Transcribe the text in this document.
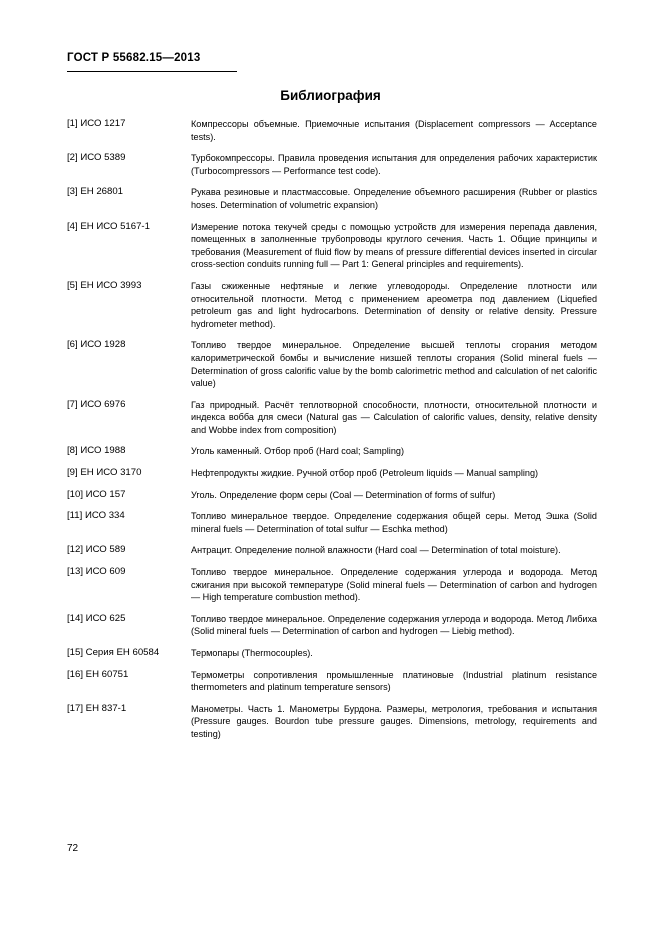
ГОСТ Р 55682.15—2013
Библиография
[1] ИСО 1217	Компрессоры объемные. Приемочные испытания (Displacement compressors — Acceptance tests).
[2] ИСО 5389	Турбокомпрессоры. Правила проведения испытания для определения рабочих характеристик (Turbocompressors — Performance test code).
[3] ЕН 26801	Рукава резиновые и пластмассовые. Определение объемного расширения (Rubber or plastics hoses. Determination of volumetric expansion)
[4] ЕН ИСО 5167-1	Измерение потока текучей среды с помощью устройств для измерения перепада давления, помещенных в заполненные трубопроводы круглого сечения. Часть 1. Общие принципы и требования (Measurement of fluid flow by means of pressure differential devices inserted in circular cross-section conduits running full — Part 1: General principles and requirements).
[5] ЕН ИСО 3993	Газы сжиженные нефтяные и легкие углеводороды. Определение плотности или относительной плотности. Метод с применением ареометра под давлением (Liquefied petroleum gas and light hydrocarbons. Determination of density or relative density. Pressure hydrometer method).
[6] ИСО 1928	Топливо твердое минеральное. Определение высшей теплоты сгорания методом калориметрической бомбы и вычисление низшей теплоты сгорания (Solid mineral fuels — Determination of gross calorific value by the bomb calorimetric method and calculation of net calorific value)
[7] ИСО 6976	Газ природный. Расчёт теплотворной способности, плотности, относительной плотности и индекса вобба для смеси (Natural gas — Calculation of calorific values, density, relative density and Wobbe index from composition)
[8] ИСО 1988	Уголь каменный. Отбор проб (Hard coal; Sampling)
[9] ЕН ИСО 3170	Нефтепродукты жидкие. Ручной отбор проб (Petroleum liquids — Manual sampling)
[10] ИСО 157	Уголь. Определение форм серы (Coal — Determination of forms of sulfur)
[11] ИСО 334	Топливо минеральное твердое. Определение содержания общей серы. Метод Эшка (Solid mineral fuels — Determination of total sulfur — Eschka method)
[12] ИСО 589	Антрацит. Определение полной влажности (Hard coal — Determination of total moisture).
[13] ИСО 609	Топливо твердое минеральное. Определение содержания углерода и водорода. Метод сжигания при высокой температуре (Solid mineral fuels — Determination of carbon and hydrogen — High temperature combustion method).
[14] ИСО 625	Топливо твердое минеральное. Определение содержания углерода и водорода. Метод Либиха (Solid mineral fuels — Determination of carbon and hydrogen — Liebig method).
[15] Серия ЕН 60584	Термопары (Thermocouples).
[16] ЕН 60751	Термометры сопротивления промышленные платиновые (Industrial platinum resistance thermometers and platinum temperature sensors)
[17] ЕН 837-1	Манометры. Часть 1. Манометры Бурдона. Размеры, метрология, требования и испытания (Pressure gauges. Bourdon tube pressure gauges. Dimensions, metrology, requirements and testing)
72
